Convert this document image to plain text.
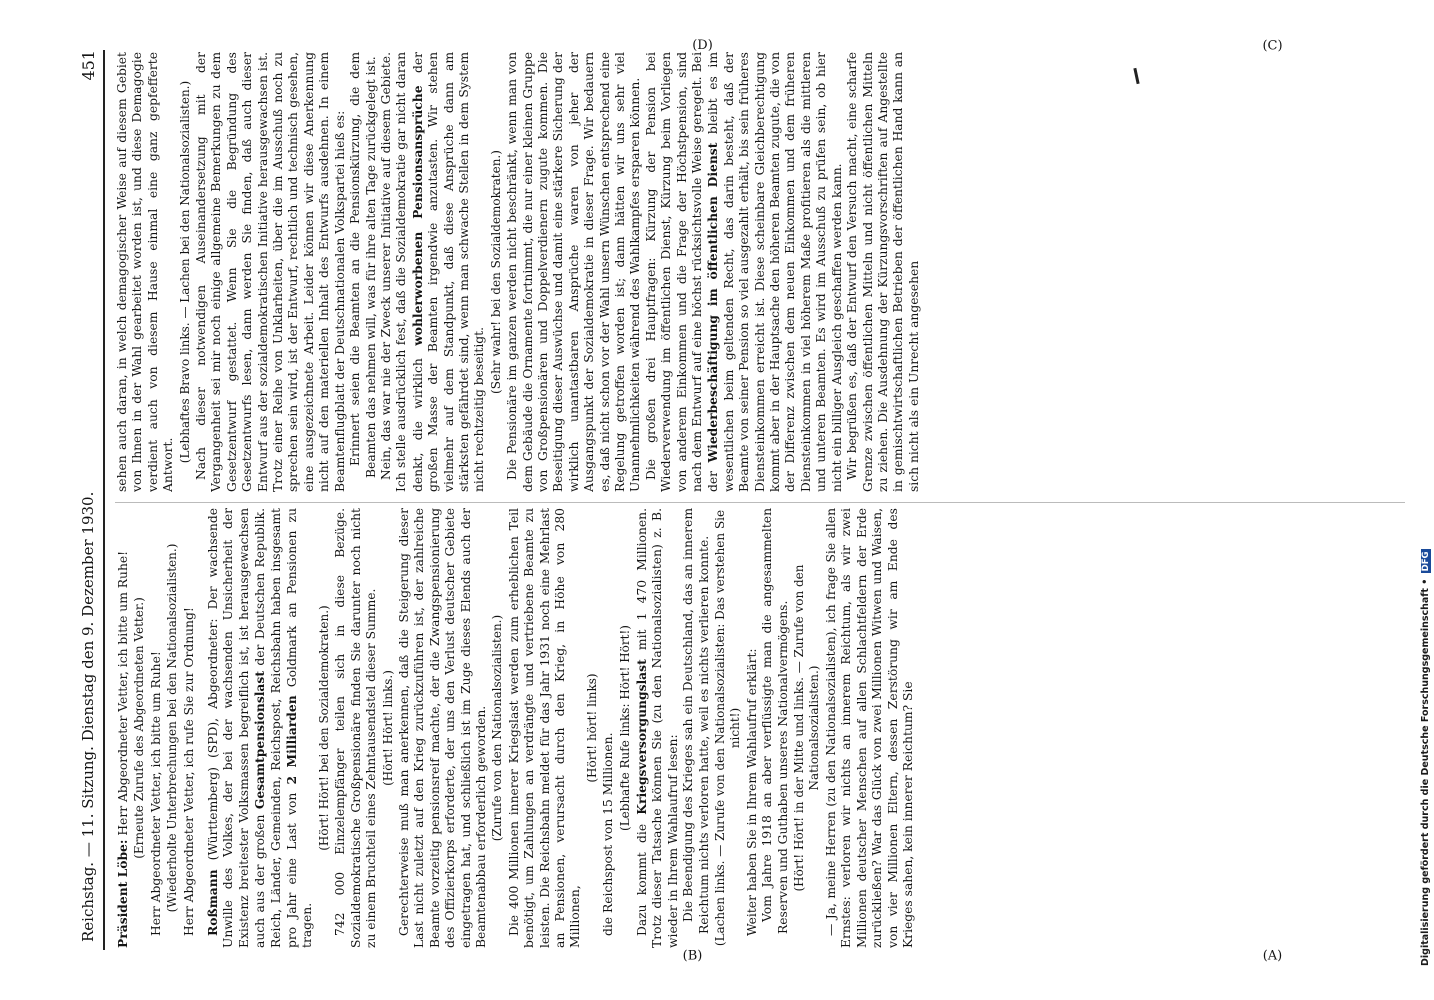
Reichstag. — 11. Sitzung. Dienstag den 9. Dezember 1930.
451
(A)
(B)
(C)
(D)

Präsident Löbe: Herr Abgeordneter Vetter, ich bitte um Ruhe! (Erneute Zurufe des Abgeordneten Vetter.) Herr Abgeordneter Vetter, ich bitte um Ruhe! (Wiederholte Unterbrechungen bei den Nationalsozialisten.) Herr Abgeordneter Vetter, ich rufe Sie zur Ordnung! Roßmann (Württemberg) (SPD), Abgeordneter: Der wachsende Unwille des Volkes, der bei der wachsenden Unsicherheit der Existenz breitester Volksmassen begreiflich ist, ist herausgewachsen auch aus der großen Gesamtpensionslast der Deutschen Republik. Reich, Länder, Gemeinden, Reichspost, Reichsbahn haben insgesamt pro Jahr eine Last von 2 Milliarden Goldmark an Pensionen zu tragen.

(Hört! Hört! bei den Sozialdemokraten.) 742 000 Einzelempfänger teilen sich in diese Bezüge. Sozialdemokratische Großpensionäre finden Sie darunter noch nicht zu einem Bruchteil eines Zehntausendstel dieser Summe. (Hört! Hört! links.) Gerechterweise muß man anerkennen, daß die Steigerung dieser Last nicht zuletzt auf den Krieg zurückzuführen ist, der zahlreiche Beamte vorzeitig pensionsreif machte, der die Zwangspensionierung des Offizierkorps erforderte, der uns den Verlust deutscher Gebiete eingetragen hat, und schließlich ist im Zuge dieses Elends auch der Beamtenabbau erforderlich geworden. (Zurufe von den Nationalsozialisten.) Die 400 Millionen innerer Kriegslast werden zum erheblichen Teil benötigt, um Zahlungen an verdrängte und vertriebene Beamte zu leisten. Die Reichsbahn meldet für das Jahr 1931 noch eine Mehrlast an Pensionen, verursacht durch den Krieg, in Höhe von 280 Millionen,

(Hört! hört! links)

die Reichspost von 15 Millionen.

(Lebhafte Rufe links: Hört! Hört!)

Dazu kommt die Kriegsversorgungslast mit 1 470 Millionen. Trotz dieser Tatsache können Sie (zu den Nationalsozialisten) z. B. wieder in Ihrem Wahlaufruf lesen: Die Beendigung des Krieges sah ein Deutschland, das an innerem Reichtum nichts verloren hatte, weil es nichts verlieren konnte. (Lachen links. — Zurufe von den Nationalsozialisten: Das verstehen Sie nicht!) Weiter haben Sie in Ihrem Wahlaufruf erklärt: Vom Jahre 1918 an aber verflüssigte man die angesammelten Reserven und Guthaben unseres Nationalvermögens. (Hört! Hört! in der Mitte und links. — Zurufe von den Nationalsozialisten.) — Ja, meine Herren (zu den Nationalsozialisten), ich frage Sie allen Ernstes: verloren wir nichts an innerem Reichtum, als wir zwei Millionen deutscher Menschen auf allen Schlachtfeldern der Erde zurückließen? War das Glück von zwei Millionen Witwen und Waisen, von vier Millionen Eltern, dessen Zerstörung wir am Ende des Krieges sahen, kein innerer Reichtum? Sie

sehen auch daran, in welch demagogischer Weise auf diesem Gebiet von Ihnen in der Wahl gearbeitet worden ist, und diese Demagogie verdient auch von diesem Hause einmal eine ganz gepfefferte Antwort.

(Lebhaftes Bravo links. — Lachen bei den Nationalsozialisten.) Nach dieser notwendigen Auseinandersetzung mit der Vergangenheit sei mir noch einige allgemeine Bemerkungen zu dem Gesetzentwurf gestattet. Wenn Sie die Begründung des Gesetzentwurfs lesen, dann werden Sie finden, daß auch dieser Entwurf aus der sozialdemokratischen Initiative herausgewachsen ist. Trotz einer Reihe von Unklarheiten, über die im Ausschuß noch zu sprechen sein wird, ist der Entwurf, rechtlich und technisch gesehen, eine ausgezeichnete Arbeit. Leider können wir diese Anerkennung nicht auf den materiellen Inhalt des Entwurfs ausdehnen. In einem Beamtenflugblatt der Deutschnationalen Volkspartei hieß es: Erinnert seien die Beamten an die Pensionskürzung, die dem Beamten das nehmen will, was für ihre alten Tage zurückgelegt ist. Nein, das war nie der Zweck unserer Initiative auf diesem Gebiete. Ich stelle ausdrücklich fest, daß die Sozialdemokratie gar nicht daran denkt, die wirklich wohlerworbenen Pensionsansprüche der großen Masse der Beamten irgendwie anzutasten. Wir stehen vielmehr auf dem Standpunkt, daß diese Ansprüche dann am stärksten gefährdet sind, wenn man schwache Stellen in dem System nicht rechtzeitig beseitigt.

(Sehr wahr! bei den Sozialdemokraten.) Die Pensionäre im ganzen werden nicht beschränkt, wenn man von dem Gebäude die Ornamente fortnimmt, die nur einer kleinen Gruppe von Großpensionären und Doppelverdienern zugute kommen. Die Beseitigung dieser Auswüchse und damit eine stärkere Sicherung der wirklich unantastbaren Ansprüche waren von jeher der Ausgangspunkt der Sozialdemokratie in dieser Frage. Wir bedauern es, daß nicht schon vor der Wahl unsern Wünschen entsprechend eine Regelung getroffen worden ist; dann hätten wir uns sehr viel Unannehmlichkeiten während des Wahlkampfes ersparen können. Die großen drei Hauptfragen: Kürzung der Pension bei Wiederverwendung im öffentlichen Dienst, Kürzung beim Vorliegen von anderem Einkommen und die Frage der Höchstpension, sind nach dem Entwurf auf eine höchst rücksichtsvolle Weise geregelt. Bei der Wiederbeschäftigung im öffentlichen Dienst bleibt es im wesentlichen beim geltenden Recht, das darin besteht, daß der Beamte von seiner Pension so viel ausgezahlt erhält, bis sein früheres Diensteinkommen erreicht ist. Diese scheinbare Gleichberechtigung kommt aber in der Hauptsache den höheren Beamten zugute, die von der Differenz zwischen dem neuen Einkommen und dem früheren Diensteinkommen in viel höherem Maße profitieren als die mittleren und unteren Beamten. Es wird im Ausschuß zu prüfen sein, ob hier nicht ein billiger Ausgleich geschaffen werden kann. Wir begrüßen es, daß der Entwurf den Versuch macht, eine scharfe Grenze zwischen öffentlichen Mitteln und nicht öffentlichen Mitteln zu ziehen. Die Ausdehnung der Kürzungsvorschriften auf Angestellte in gemischtwirtschaftlichen Betrieben der öffentlichen Hand kann an sich nicht als ein Unrecht angesehen

Digitalisierung gefördert durch die Deutsche Forschungsgemeinschaft • DFG
